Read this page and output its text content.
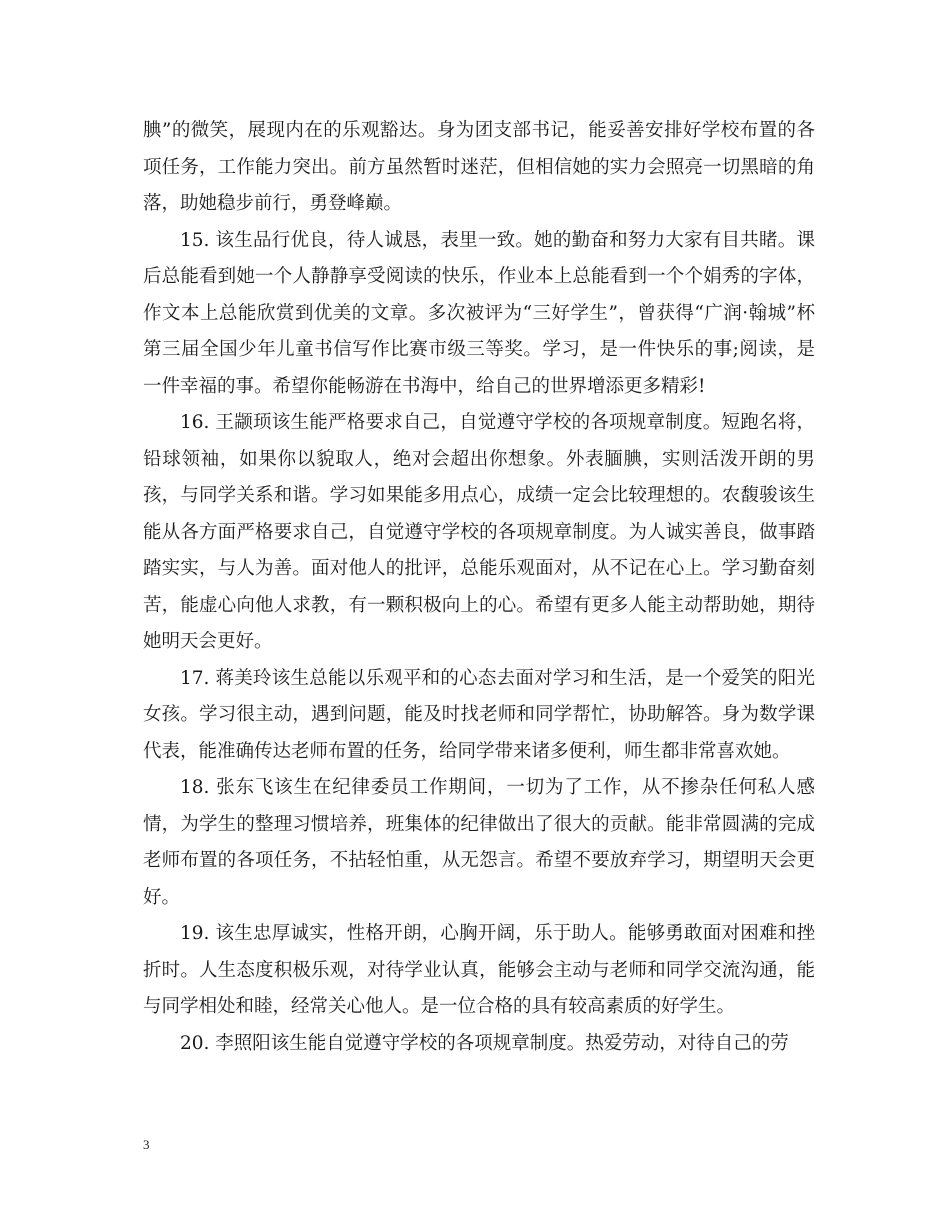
腆”的微笑，展现内在的乐观豁达。身为团支部书记，能妥善安排好学校布置的各项任务，工作能力突出。前方虽然暂时迷茫，但相信她的实力会照亮一切黑暗的角落，助她稳步前行，勇登峰巅。

15. 该生品行优良，待人诚恳，表里一致。她的勤奋和努力大家有目共睹。课后总能看到她一个人静静享受阅读的快乐，作业本上总能看到一个个娟秀的字体，作文本上总能欣赏到优美的文章。多次被评为“三好学生”，曾获得“广润·翰城”杯第三届全国少年儿童书信写作比赛市级三等奖。学习，是一件快乐的事;阅读，是一件幸福的事。希望你能畅游在书海中，给自己的世界增添更多精彩!

16. 王颛顼该生能严格要求自己，自觉遵守学校的各项规章制度。短跑名将，铅球领袖，如果你以貌取人，绝对会超出你想象。外表腼腆，实则活泼开朗的男孩，与同学关系和谐。学习如果能多用点心，成绩一定会比较理想的。农馥骏该生能从各方面严格要求自己，自觉遵守学校的各项规章制度。为人诚实善良，做事踏踏实实，与人为善。面对他人的批评，总能乐观面对，从不记在心上。学习勤奋刻苦，能虚心向他人求教，有一颗积极向上的心。希望有更多人能主动帮助她，期待她明天会更好。

17. 蒋美玲该生总能以乐观平和的心态去面对学习和生活，是一个爱笑的阳光女孩。学习很主动，遇到问题，能及时找老师和同学帮忙，协助解答。身为数学课代表，能准确传达老师布置的任务，给同学带来诸多便利，师生都非常喜欢她。

18. 张东飞该生在纪律委员工作期间，一切为了工作，从不掺杂任何私人感情，为学生的整理习惯培养，班集体的纪律做出了很大的贡献。能非常圆满的完成老师布置的各项任务，不拈轻怕重，从无怨言。希望不要放弃学习，期望明天会更好。

19. 该生忠厚诚实，性格开朗，心胸开阔，乐于助人。能够勇敢面对困难和挫折时。人生态度积极乐观，对待学业认真，能够会主动与老师和同学交流沟通，能与同学相处和睦，经常关心他人。是一位合格的具有较高素质的好学生。

20. 李照阳该生能自觉遵守学校的各项规章制度。热爱劳动，对待自己的劳

3
